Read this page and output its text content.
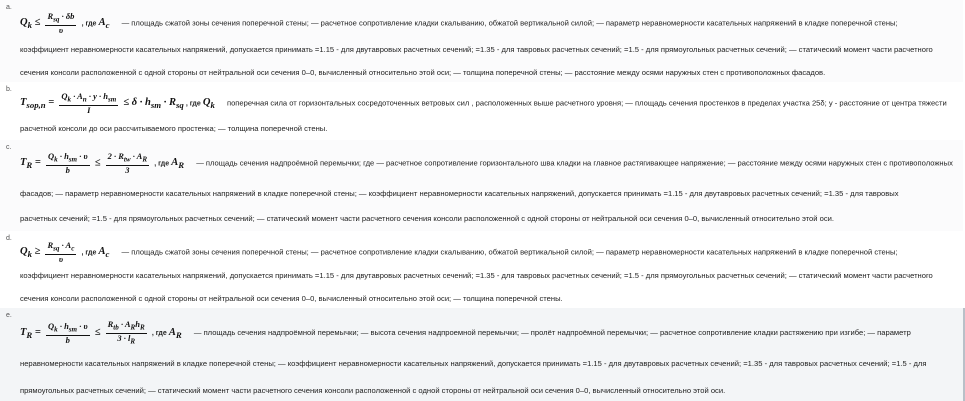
a.
$Q_k \le \frac{R_{sq} \cdot \delta b}{\upsilon}$ , где $A_c$ — площадь сжатой зоны сечения поперечной стены; — расчетное сопротивление кладки скалыванию, обжатой вертикальной силой; — параметр неравномерности касательных напряжений в кладке поперечной стены;
коэффициент неравномерности касательных напряжений, допускается принимать =1.15 - для двутавровых расчетных сечений; =1.35 - для тавровых расчетных сечений; =1.5 - для прямоугольных расчетных сечений; — статический момент части расчетного
сечения консоли расположенной с одной стороны от нейтральной оси сечения 0–0, вычисленный относительно этой оси; — толщина поперечной стены; — расстояние между осями наружных стен с противоположных фасадов.
b.
$T_{sop,n} = \frac{Q_k \cdot A_n \cdot y \cdot h_{sm}}{I} \le \delta \cdot h_{sm} \cdot R_{sq}$ , где $Q_k$ поперечная сила от горизонтальных сосредоточенных ветровых сил , расположенных выше расчетного уровня; — площадь сечения простенков в пределах участка 25δ; y - расстояние от центра тяжести
расчетной консоли до оси рассчитываемого простенка; — толщина поперечной стены.
c.
$T_R = \frac{Q_k \cdot h_{sm} \cdot \upsilon}{b} \le \frac{2 \cdot R_{tw} \cdot A_R}{3}$ , где $A_R$ — площадь сечения надпроёмной перемычки; где — расчетное сопротивление горизонтального шва кладки на главное растягивающее напряжение; — расстояние между осями наружных стен с противоположных
фасадов; — параметр неравномерности касательных напряжений в кладке поперечной стены; — коэффициент неравномерности касательных напряжений, допускается принимать =1.15 - для двутавровых расчетных сечений; =1.35 - для тавровых
расчетных сечений; =1.5 - для прямоугольных расчетных сечений; — статический момент части расчетного сечения консоли расположенной с одной стороны от нейтральной оси сечения 0–0, вычисленный относительно этой оси.
d.
$Q_k \ge \frac{R_{sq} \cdot A_c}{\upsilon}$ , где $A_c$ — площадь сжатой зоны сечения поперечной стены; — расчетное сопротивление кладки скалыванию, обжатой вертикальной силой; — параметр неравномерности касательных напряжений в кладке поперечной стены;
коэффициент неравномерности касательных напряжений, допускается принимать =1.15 - для двутавровых расчетных сечений; =1.35 - для тавровых расчетных сечений; =1.5 - для прямоугольных расчетных сечений; — статический момент части расчетного
сечения консоли расположенной с одной стороны от нейтральной оси сечения 0–0, вычисленный относительно этой оси; — толщина поперечной стены.
e.
$T_R = \frac{Q_k \cdot h_{sm} \cdot \upsilon}{b} \le \frac{R_{tb} \cdot A_Rh_R}{3 \cdot l_R}$ , где $A_R$ — площадь сечения надпроёмной перемычки; — высота сечения надпроемной перемычки; — пролёт надпроёмной перемычки; — расчетное сопротивление кладки растяжению при изгибе; — параметр
неравномерности касательных напряжений в кладке поперечной стены; — коэффициент неравномерности касательных напряжений, допускается принимать =1.15 - для двутавровых расчетных сечений; =1.35 - для тавровых расчетных сечений; =1.5 - для
прямоугольных расчетных сечений; — статический момент части расчетного сечения консоли расположенной с одной стороны от нейтральной оси сечения 0–0, вычисленный относительно этой оси.
